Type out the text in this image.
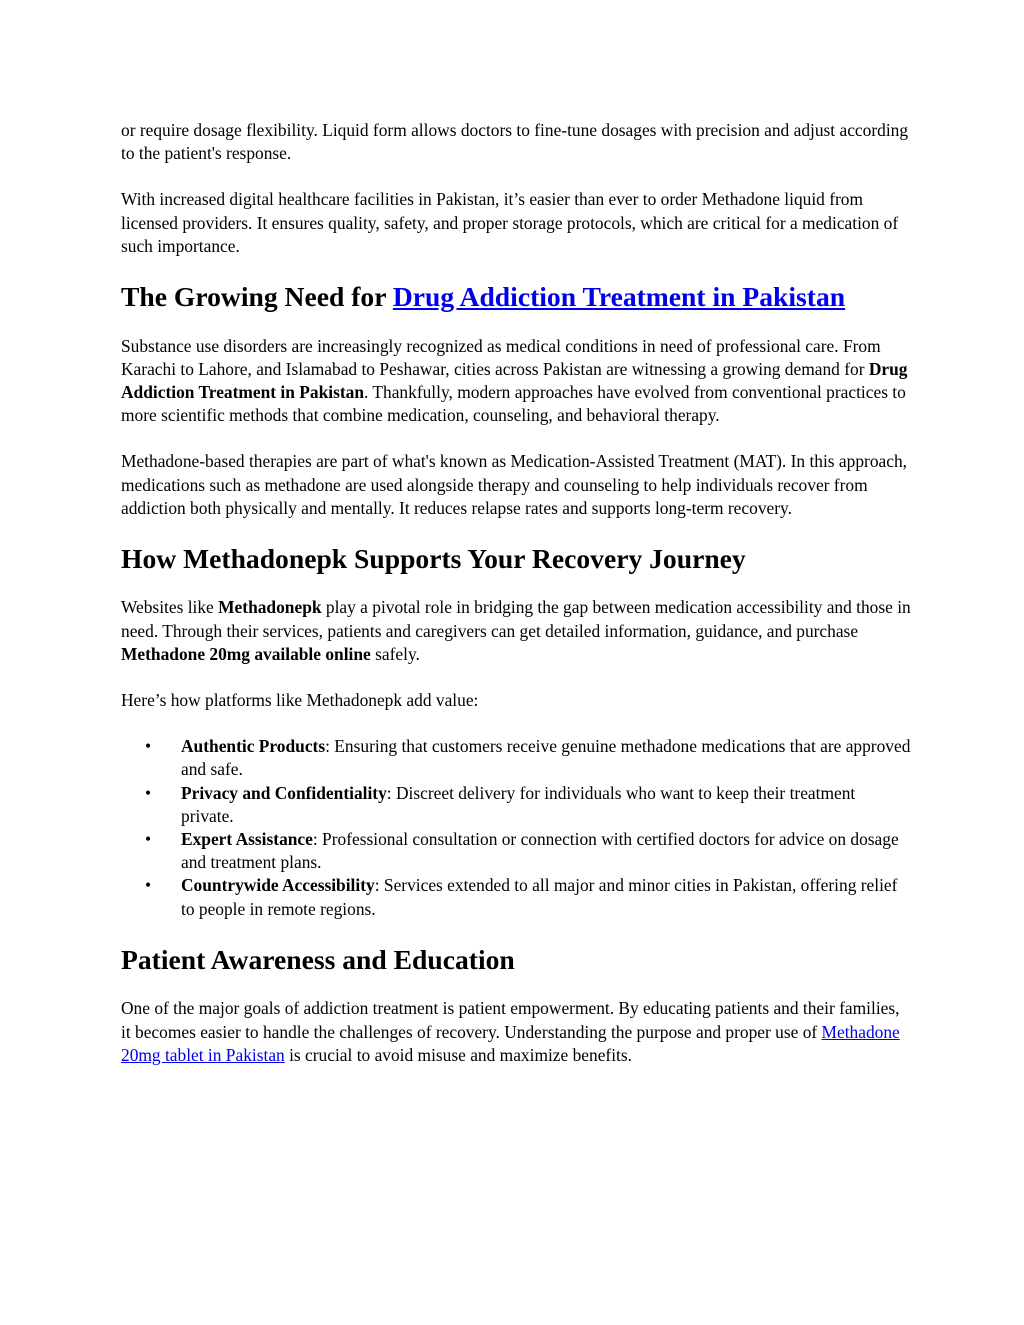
or require dosage flexibility. Liquid form allows doctors to fine-tune dosages with precision and adjust according to the patient's response.

With increased digital healthcare facilities in Pakistan, it’s easier than ever to order Methadone liquid from licensed providers. It ensures quality, safety, and proper storage protocols, which are critical for a medication of such importance.

The Growing Need for Drug Addiction Treatment in Pakistan

Substance use disorders are increasingly recognized as medical conditions in need of professional care. From Karachi to Lahore, and Islamabad to Peshawar, cities across Pakistan are witnessing a growing demand for Drug Addiction Treatment in Pakistan. Thankfully, modern approaches have evolved from conventional practices to more scientific methods that combine medication, counseling, and behavioral therapy.

Methadone-based therapies are part of what's known as Medication-Assisted Treatment (MAT). In this approach, medications such as methadone are used alongside therapy and counseling to help individuals recover from addiction both physically and mentally. It reduces relapse rates and supports long-term recovery.

How Methadonepk Supports Your Recovery Journey

Websites like Methadonepk play a pivotal role in bridging the gap between medication accessibility and those in need. Through their services, patients and caregivers can get detailed information, guidance, and purchase Methadone 20mg available online safely.

Here’s how platforms like Methadonepk add value:

• Authentic Products: Ensuring that customers receive genuine methadone medications that are approved and safe.
• Privacy and Confidentiality: Discreet delivery for individuals who want to keep their treatment private.
• Expert Assistance: Professional consultation or connection with certified doctors for advice on dosage and treatment plans.
• Countrywide Accessibility: Services extended to all major and minor cities in Pakistan, offering relief to people in remote regions.
Patient Awareness and Education

One of the major goals of addiction treatment is patient empowerment. By educating patients and their families, it becomes easier to handle the challenges of recovery. Understanding the purpose and proper use of Methadone 20mg tablet in Pakistan is crucial to avoid misuse and maximize benefits.
